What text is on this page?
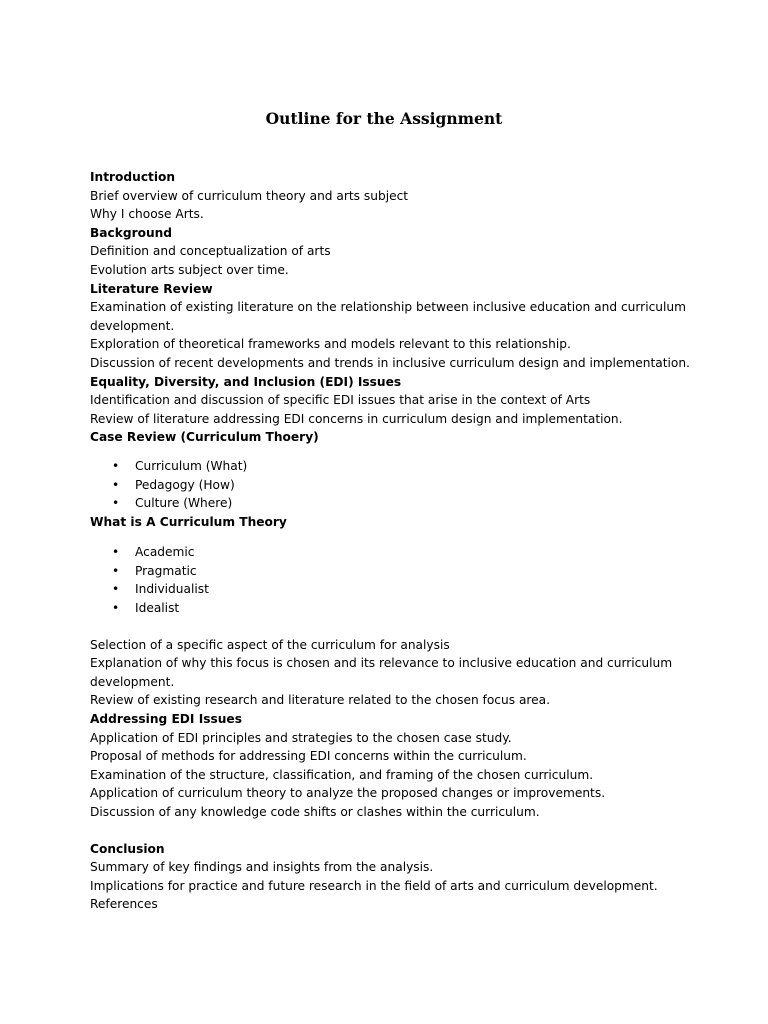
Outline for the Assignment
Introduction
Brief overview of curriculum theory and arts subject
Why I choose Arts.
Background
Definition and conceptualization of arts
Evolution arts subject over time.
Literature Review
Examination of existing literature on the relationship between inclusive education and curriculum development.
Exploration of theoretical frameworks and models relevant to this relationship.
Discussion of recent developments and trends in inclusive curriculum design and implementation.
Equality, Diversity, and Inclusion (EDI) Issues
Identification and discussion of specific EDI issues that arise in the context of Arts
Review of literature addressing EDI concerns in curriculum design and implementation.
Case Review (Curriculum Thoery)
• Curriculum (What)
• Pedagogy (How)
• Culture (Where)
What is A Curriculum Theory
• Academic
• Pragmatic
• Individualist
• Idealist
Selection of a specific aspect of the curriculum for analysis
Explanation of why this focus is chosen and its relevance to inclusive education and curriculum development.
Review of existing research and literature related to the chosen focus area.
Addressing EDI Issues
Application of EDI principles and strategies to the chosen case study.
Proposal of methods for addressing EDI concerns within the curriculum.
Examination of the structure, classification, and framing of the chosen curriculum.
Application of curriculum theory to analyze the proposed changes or improvements.
Discussion of any knowledge code shifts or clashes within the curriculum.
Conclusion
Summary of key findings and insights from the analysis.
Implications for practice and future research in the field of arts and curriculum development.
References
